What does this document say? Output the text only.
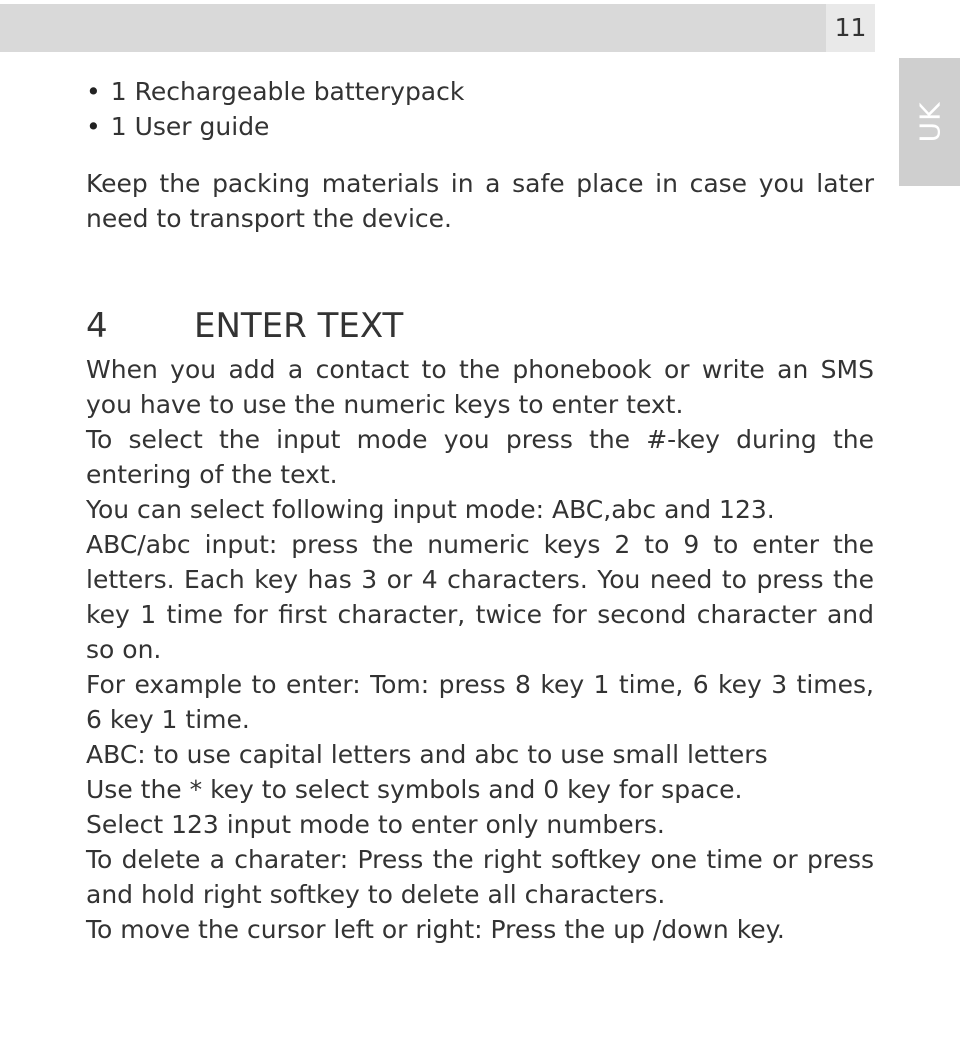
11
UK
• 1 Rechargeable batterypack
• 1 User guide

Keep the packing materials in a safe place in case you later need to transport the device.

4	ENTER TEXT

When you add a contact to the phonebook or write an SMS you have to use the numeric keys to enter text.

To select the input mode you press the #-key during the entering of the text.

You can select following input mode: ABC,abc and 123.

ABC/abc input: press the numeric keys 2 to 9 to enter the letters. Each key has 3 or 4 characters. You need to press the key 1 time for first character, twice for second character and so on.

For example to enter: Tom: press 8 key 1 time, 6 key 3 times, 6 key 1 time.

ABC: to use capital letters and abc to use small letters

Use the * key to select symbols and 0 key for space.

Select 123 input mode to enter only numbers.

To delete a charater: Press the right softkey one time or press and hold right softkey to delete all characters.

To move the cursor left or right: Press the up /down key.
